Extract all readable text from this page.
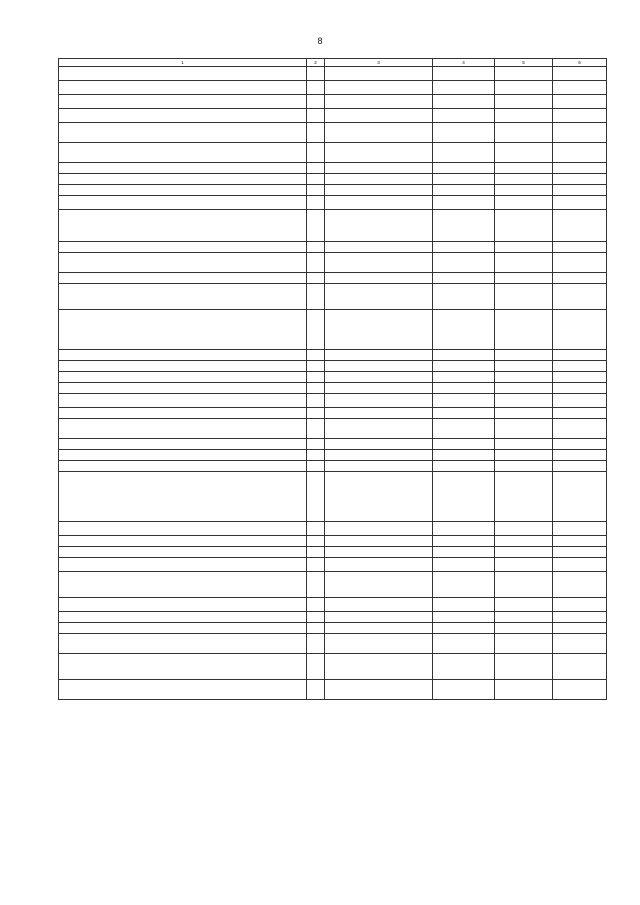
8
1	2	3	4	5	6
